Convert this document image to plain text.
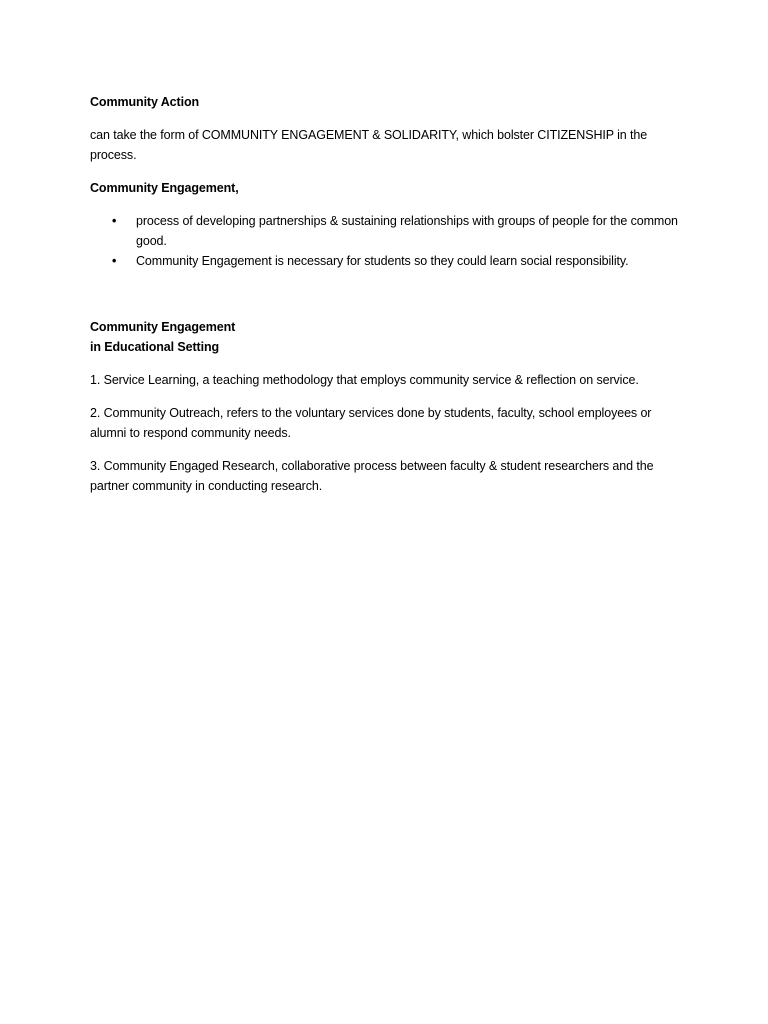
Community Action

can take the form of COMMUNITY ENGAGEMENT & SOLIDARITY, which bolster CITIZENSHIP in the process.

Community Engagement,

• process of developing partnerships & sustaining relationships with groups of people for the common good.
• Community Engagement is necessary for students so they could learn social responsibility.

Community Engagement
in Educational Setting

1. Service Learning, a teaching methodology that employs community service & reflection on service.

2. Community Outreach, refers to the voluntary services done by students, faculty, school employees or alumni to respond community needs.

3. Community Engaged Research, collaborative process between faculty & student researchers and the partner community in conducting research.
